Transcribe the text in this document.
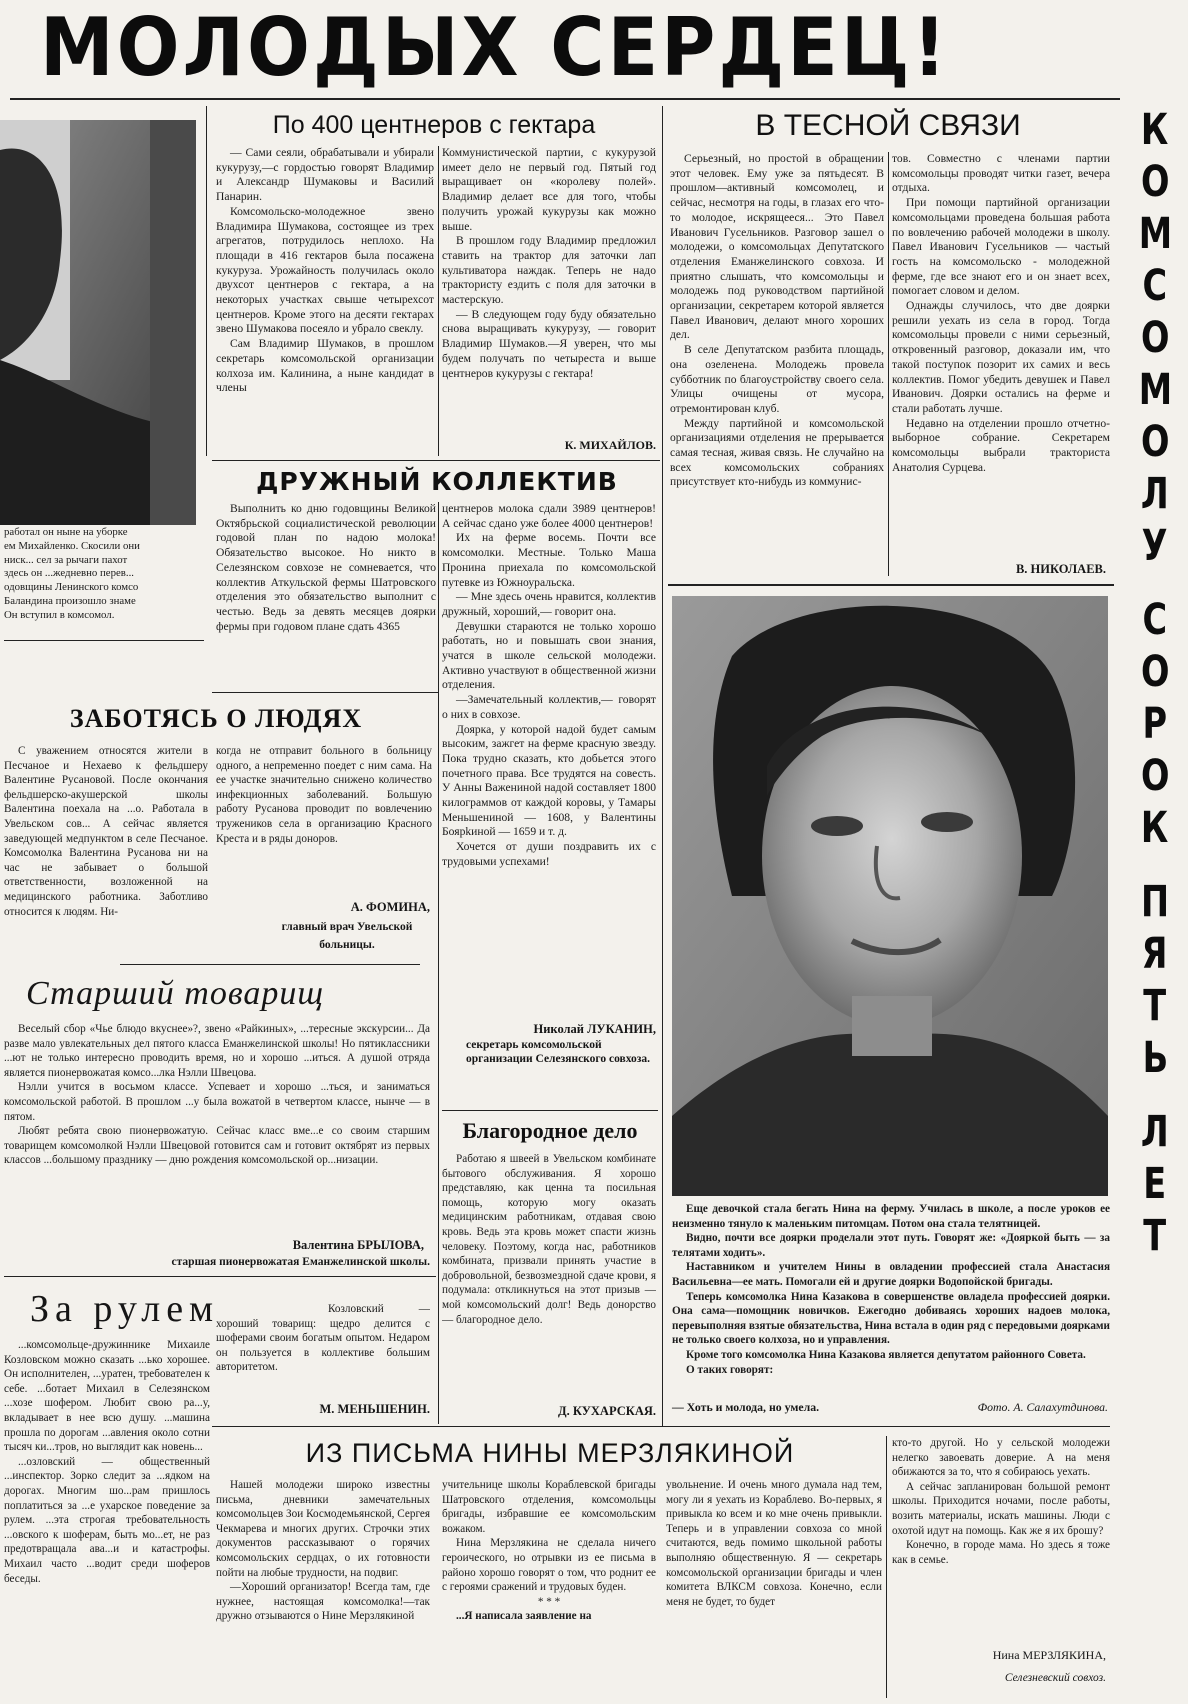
МОЛОДЫХ СЕРДЕЦ!
К
О
М
С
О
М
О
Л
У
С
О
Р
О
К
П
Я
Т
Ь
Л
Е
Т

работал он ныне на уборке

ем Михайленко. Скосили они

ниск... сел за рычаги пахот

здесь он ...жедневно перев...

одовщины Ленинского комсо

Баландина произошло знаме

Он вступил в комсомол.

По 400 центнеров с гектара

— Сами сеяли, обрабатывали и убирали кукурузу,—с гордостью говорят Владимир и Александр Шумаковы и Василий Панарин.

Комсомольско-молодежное звено Владимира Шумакова, состоящее из трех агрегатов, потрудилось неплохо. На площади в 416 гектаров была посажена кукуруза. Урожайность получилась около двухсот центнеров с гектара, а на некоторых участках свыше четырехсот центнеров. Кроме этого на десяти гектарах звено Шумакова посеяло и убрало свеклу.

Сам Владимир Шумаков, в прошлом секретарь комсомольской организации колхоза им. Калинина, а ныне кандидат в члены

Коммунистической партии, с кукурузой имеет дело не первый год. Пятый год выращивает он «королеву полей». Владимир делает все для того, чтобы получить урожай кукурузы как можно выше.

В прошлом году Владимир предложил ставить на трактор для заточки лап культиватора наждак. Теперь не надо трактористу ездить с поля для заточки в мастерскую.

— В следующем году буду обязательно снова выращивать кукурузу, — говорит Владимир Шумаков.—Я уверен, что мы будем получать по четыреста и выше центнеров кукурузы с гектара!

К. МИХАЙЛОВ.
ДРУЖНЫЙ КОЛЛЕКТИВ

Выполнить ко дню годовщины Великой Октябрьской социалистической революции годовой план по надою молока! Обязательство высокое. Но никто в Селезянском совхозе не сомневается, что коллектив Аткульской фермы Шатровского отделения это обязательство выполнит с честью. Ведь за девять месяцев доярки фермы при годовом плане сдать 4365

центнеров молока сдали 3989 центнеров! А сейчас сдано уже более 4000 центнеров!

Их на ферме восемь. Почти все комсомолки. Местные. Только Маша Пронина приехала по комсомольской путевке из Южноуральска.

— Мне здесь очень нравится, коллектив дружный, хороший,— говорит она.

Девушки стараются не только хорошо работать, но и повышать свои знания, учатся в школе сельской молодежи. Активно участвуют в общественной жизни отделения.

—Замечательный коллектив,— говорят о них в совхозе.

Доярка, у которой надой будет самым высоким, зажгет на ферме красную звезду. Пока трудно сказать, кто добьется этого почетного права. Все трудятся на совесть. У Анны Важениной надой составляет 1800 килограммов от каждой коровы, у Тамары Меньшениной — 1608, у Валентины Боярkиной — 1659 и т. д.

Хочется от души поздравить их с трудовыми успехами!

Николай ЛУКАНИН,
секретарь комсомольской организации Селезянского совхоза.
ЗАБОТЯСЬ О ЛЮДЯХ

С уважением относятся жители в Песчаное и Нехаево к фельдшеру Валентине Русановой. После окончания фельдшерско-акушерской школы Валентина поехала на ...о. Работала в Увельском сов... А сейчас является заведующей медпунктом в селе Песчаное. Комсомолка Валентина Русанова ни на час не забывает о большой ответственности, возложенной на медицинского работника. Заботливо относится к людям. Ни-

когда не отправит больного в больницу одного, а непременно поедет с ним сама. На ее участке значительно снижено количество инфекционных заболеваний. Большую работу Русанова проводит по вовлечению тружеников села в организацию Красного Креста и в ряды доноров.

А. ФОМИНА,
главный врач Увельской больницы.
Старший товарищ

Веселый сбор «Чье блюдо вкуснее»?, звено «Райкиных», ...тересные экскурсии... Да разве мало увлекательных дел пятого класса Еманжелинской школы! Но пятиклассники ...ют не только интересно проводить время, но и хорошо ...иться. А душой отряда является пионервожатая комсо...лка Нэлли Швецова.

Нэлли учится в восьмом классе. Успевает и хорошо ...ться, и заниматься комсомольской работой. В прошлом ...у была вожатой в четвертом классе, нынче — в пятом.

Любят ребята свою пионервожатую. Сейчас класс вме...е со своим старшим товарищем комсомолкой Нэлли Швецовой готовится сам и готовит октябрят из первых классов ...большому празднику — дню рождения комсомольской ор...низации.

Валентина БРЫЛОВА,
старшая пионервожатая Еманжелинской школы.
За рулем	Козловский — хороший товарищ: щедро делится с шоферами своим богатым опытом. Недаром он пользуется в коллективе большим авторитетом.

М. МЕНЬШЕНИН.

...комсомольце-дружиннике Михаиле Козловском можно сказать ...ько хорошее. Он исполнителен, ...уратен, требователен к себе. ...ботает Михаил в Селезянском ...хозе шофером. Любит свою ра...у, вкладывает в нее всю душу. ...машина прошла по дорогам ...авления около сотни тысяч ки...тров, но выглядит как новень...

...озловский — общественный ...инспектор. Зорко следит за ...ядком на дорогах. Многим шо...рам пришлось поплатиться за ...е ухарское поведение за рулем. ...эта строгая требовательность ...овского к шоферам, быть мо...ет, не раз предотвращала ава...и и катастрофы. Михаил часто ...водит среди шоферов беседы.

Благородное дело

Работаю я швеей в Увельском комбинате бытового обслуживания. Я хорошо представляю, как ценна та посильная помощь, которую могу оказать медицинским работникам, отдавая свою кровь. Ведь эта кровь может спасти жизнь человеку. Поэтому, когда нас, работников комбината, призвали принять участие в добровольной, безвозмездной сдаче крови, я подумала: откликнуться на этот призыв — мой комсомольский долг! Ведь донорство — благородное дело.

Д. КУХАРСКАЯ.
В ТЕСНОЙ СВЯЗИ

Серьезный, но простой в обращении этот человек. Ему уже за пятьдесят. В прошлом—активный комсомолец, и сейчас, несмотря на годы, в глазах его что-то молодое, искрящееся... Это Павел Иванович Гусельников. Разговор зашел о молодежи, о комсомольцах Депутатского отделения Еманжелинского совхоза. И приятно слышать, что комсомольцы и молодежь под руководством партийной организации, секретарем которой является Павел Иванович, делают много хороших дел.

В селе Депутатском разбита площадь, она озеленена. Молодежь провела субботник по благоустройству своего села. Улицы очищены от мусора, отремонтирован клуб.

Между партийной и комсомольской организациями отделения не прерывается самая тесная, живая связь. Не случайно на всех комсомольских собраниях присутствует кто-нибудь из коммунис-

тов. Совместно с членами партии комсомольцы проводят читки газет, вечера отдыха.

При помощи партийной организации комсомольцами проведена большая работа по вовлечению рабочей молодежи в школу. Павел Иванович Гусельников — частый гость на комсомольско - молодежной ферме, где все знают его и он знает всех, помогает словом и делом.

Однажды случилось, что две доярки решили уехать из села в город. Тогда комсомольцы провели с ними серьезный, откровенный разговор, доказали им, что такой поступок позорит их самих и весь коллектив. Помог убедить девушек и Павел Иванович. Доярки остались на ферме и стали работать лучше.

Недавно на отделении прошло отчетно-выборное собрание. Секретарем комсомольцы выбрали тракториста Анатолия Сурцева.

В. НИКОЛАЕВ.

Еще девочкой стала бегать Нина на ферму. Училась в школе, а после уроков ее неизменно тянуло к маленьким питомцам. Потом она стала телятницей.

Видно, почти все доярки проделали этот путь. Говорят же: «Дояркой быть — за телятами ходить».

Наставником и учителем Нины в овладении профессией стала Анастасия Васильевна—ее мать. Помогали ей и другие доярки Водопойской бригады.

Теперь комсомолка Нина Казакова в совершенстве овладела профессией доярки. Она сама—помощник новичков. Ежегодно добиваясь хороших надоев молока, перевыполняя взятые обязательства, Нина встала в один ряд с передовыми доярками не только своего колхоза, но и управления.

Кроме того комсомолка Нина Казакова является депутатом районного Совета.

О таких говорят:

— Хоть и молода, но умела.	Фото. А. Салахутдинова.
ИЗ ПИСЬМА НИНЫ МЕРЗЛЯКИНОЙ

Нашей молодежи широко известны письма, дневники замечательных комсомольцев Зои Космодемьянской, Сергея Чекмарева и многих других. Строчки этих документов рассказывают о горячих комсомольских сердцах, о их готовности пойти на любые трудности, на подвиг.

—Хороший организатор! Всегда там, где нужнее, настоящая комсомолка!—так дружно отзываются о Нине Мерзлякиной

учительнице школы Кораблевской бригады Шатровского отделения, комсомольцы бригады, избравшие ее комсомольским вожаком.

Нина Мерзлякина не сделала ничего героического, но отрывки из ее письма в районо хорошо говорят о том, что роднит ее с героями сражений и трудовых буден.

* * *

...Я написала заявление на

увольнение. И очень много думала над тем, могу ли я уехать из Кораблево. Во-первых, я привыкла ко всем и ко мне очень привыкли. Теперь и в управлении совхоза со мной считаются, ведь помимо школьной работы выполняю общественную. Я — секретарь комсомольской организации бригады и член комитета ВЛКСМ совхоза. Конечно, если меня не будет, то будет

кто-то другой. Но у сельской молодежи нелегко завоевать доверие. А на меня обижаются за то, что я собираюсь уехать.

А сейчас запланирован большой ремонт школы. Приходится ночами, после работы, возить материалы, искать машины. Люди с охотой идут на помощь. Как же я их брошу?

Конечно, в городе мама. Но здесь я тоже как в семье.

Нина МЕРЗЛЯКИНА,
Селезневский совхоз.
